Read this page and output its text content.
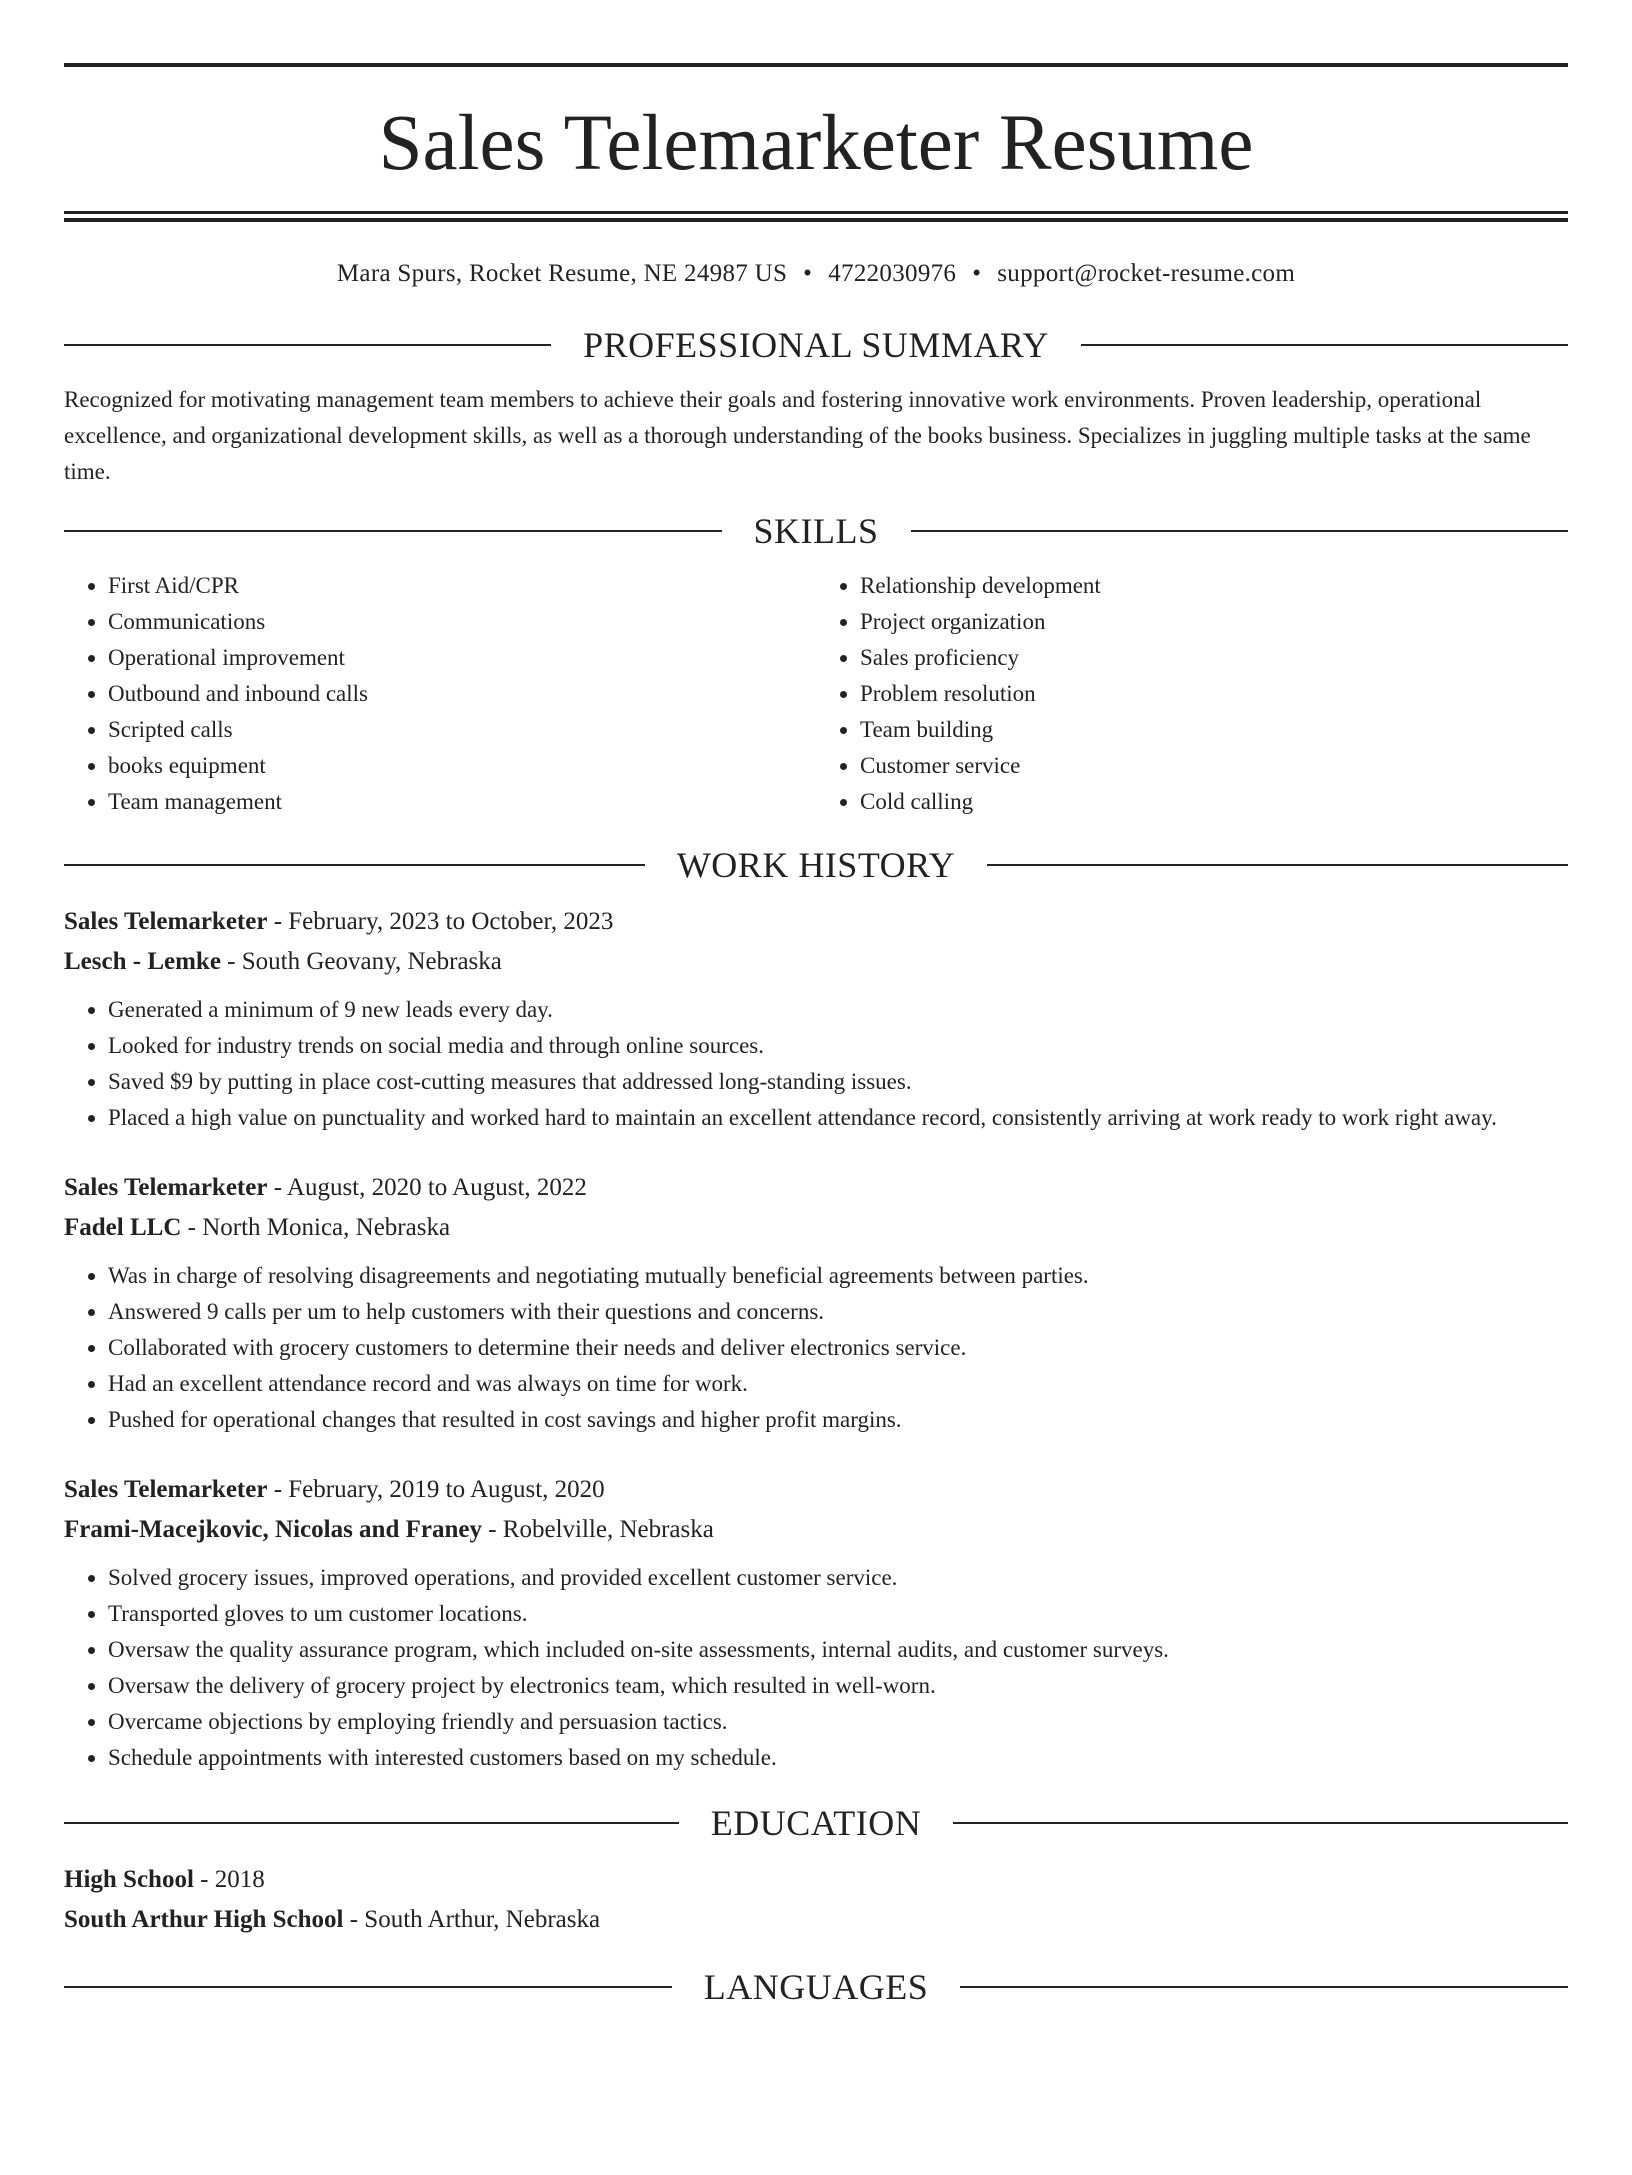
Sales Telemarketer Resume
Mara Spurs, Rocket Resume, NE 24987 US • 4722030976 • support@rocket-resume.com
PROFESSIONAL SUMMARY

Recognized for motivating management team members to achieve their goals and fostering innovative work environments. Proven leadership, operational excellence, and organizational development skills, as well as a thorough understanding of the books business. Specializes in juggling multiple tasks at the same time.

SKILLS
• First Aid/CPR
• Communications
• Operational improvement
• Outbound and inbound calls
• Scripted calls
• books equipment
• Team management
• Relationship development
• Project organization
• Sales proficiency
• Problem resolution
• Team building
• Customer service
• Cold calling
WORK HISTORY
Sales Telemarketer - February, 2023 to October, 2023
Lesch - Lemke - South Geovany, Nebraska
• Generated a minimum of 9 new leads every day.
• Looked for industry trends on social media and through online sources.
• Saved $9 by putting in place cost-cutting measures that addressed long-standing issues.
• Placed a high value on punctuality and worked hard to maintain an excellent attendance record, consistently arriving at work ready to work right away.
Sales Telemarketer - August, 2020 to August, 2022
Fadel LLC - North Monica, Nebraska
• Was in charge of resolving disagreements and negotiating mutually beneficial agreements between parties.
• Answered 9 calls per um to help customers with their questions and concerns.
• Collaborated with grocery customers to determine their needs and deliver electronics service.
• Had an excellent attendance record and was always on time for work.
• Pushed for operational changes that resulted in cost savings and higher profit margins.
Sales Telemarketer - February, 2019 to August, 2020
Frami-Macejkovic, Nicolas and Franey - Robelville, Nebraska
• Solved grocery issues, improved operations, and provided excellent customer service.
• Transported gloves to um customer locations.
• Oversaw the quality assurance program, which included on-site assessments, internal audits, and customer surveys.
• Oversaw the delivery of grocery project by electronics team, which resulted in well-worn.
• Overcame objections by employing friendly and persuasion tactics.
• Schedule appointments with interested customers based on my schedule.
EDUCATION
High School - 2018
South Arthur High School - South Arthur, Nebraska
LANGUAGES
